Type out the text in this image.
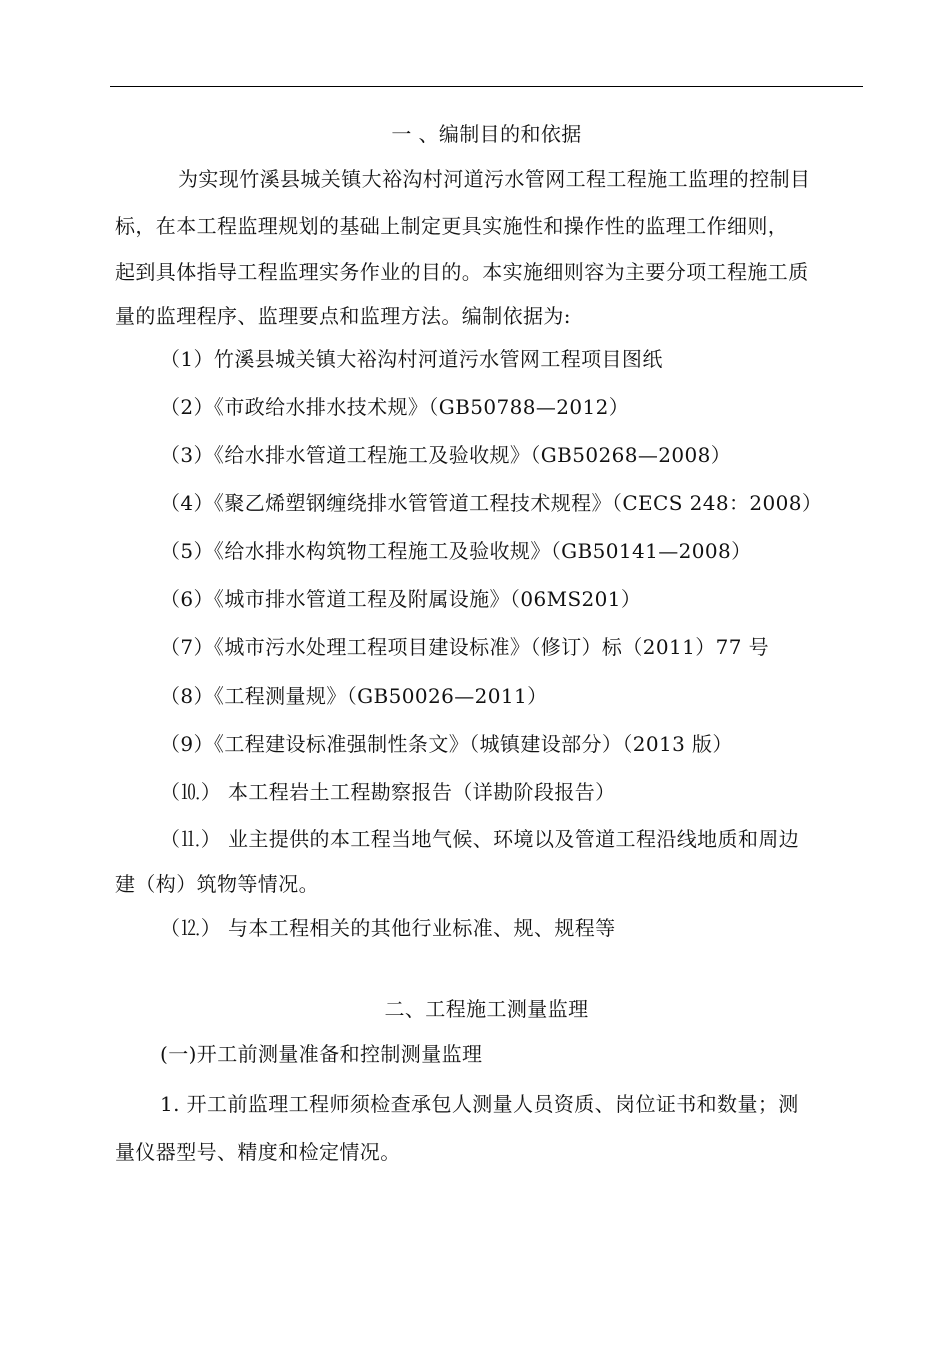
一 、编制目的和依据
为实现竹溪县城关镇大裕沟村河道污水管网工程工程施工监理的控制目
标，在本工程监理规划的基础上制定更具实施性和操作性的监理工作细则，
起到具体指导工程监理实务作业的目的。本实施细则容为主要分项工程施工质
量的监理程序、监理要点和监理方法。编制依据为:
（1）竹溪县城关镇大裕沟村河道污水管网工程项目图纸
（2）《市政给水排水技术规》（GB50788—2012）
（3）《给水排水管道工程施工及验收规》（GB50268—2008）
（4）《聚乙烯塑钢缠绕排水管管道工程技术规程》（CECS 248：2008）
（5）《给水排水构筑物工程施工及验收规》（GB50141—2008）
（6）《城市排水管道工程及附属设施》（06MS201）
（7）《城市污水处理工程项目建设标准》（修订）标（2011）77 号
（8）《工程测量规》（GB50026—2011）
（9）《工程建设标准强制性条文》（城镇建设部分）（2013 版）
（⒑） 本工程岩土工程勘察报告（详勘阶段报告）
（⒒） 业主提供的本工程当地气候、环境以及管道工程沿线地质和周边
建（构）筑物等情况。
（⒓） 与本工程相关的其他行业标准、规、规程等
二、工程施工测量监理
(一)开工前测量准备和控制测量监理
1. 开工前监理工程师须检查承包人测量人员资质、岗位证书和数量；测
量仪器型号、精度和检定情况。
